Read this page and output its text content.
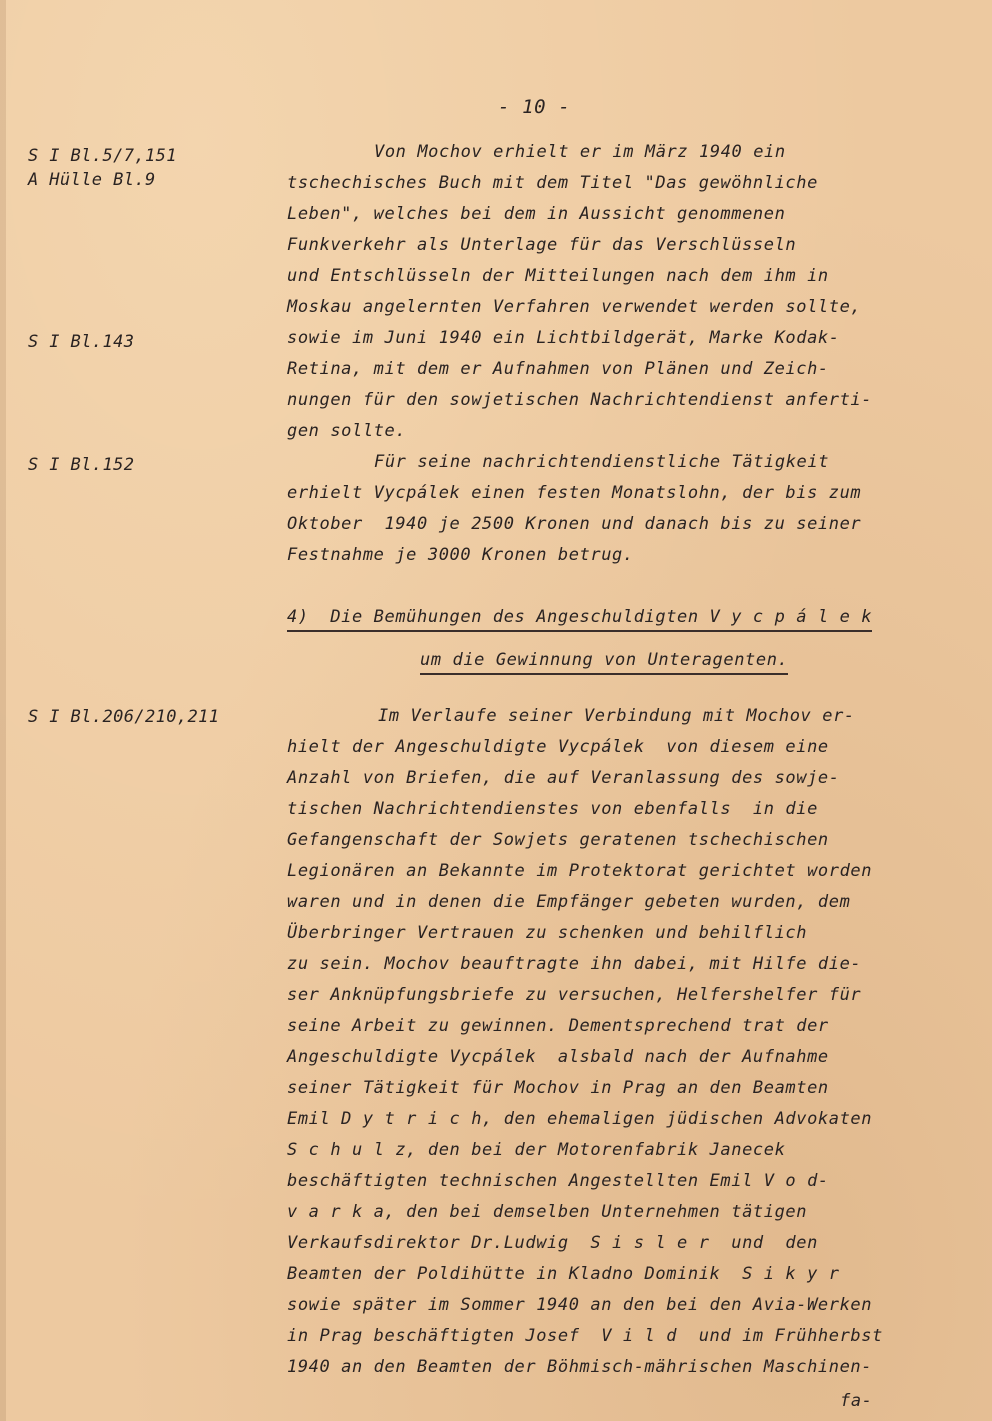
- 10 -
S I Bl.5/7,151
A Hülle Bl.9
S I Bl.143
S I Bl.152
S I Bl.206/210,211
Von Mochov erhielt er im März 1940 ein
tschechisches Buch mit dem Titel "Das gewöhnliche
Leben", welches bei dem in Aussicht genommenen
Funkverkehr als Unterlage für das Verschlüsseln
und Entschlüsseln der Mitteilungen nach dem ihm in
Moskau angelernten Verfahren verwendet werden sollte,
sowie im Juni 1940 ein Lichtbildgerät, Marke Kodak-
Retina, mit dem er Aufnahmen von Plänen und Zeich-
nungen für den sowjetischen Nachrichtendienst anferti-
gen sollte.
Für seine nachrichtendienstliche Tätigkeit
erhielt Vycpálek einen festen Monatslohn, der bis zum
Oktober  1940 je 2500 Kronen und danach bis zu seiner
Festnahme je 3000 Kronen betrug.
4)  Die Bemühungen des Angeschuldigten V y c p á l e k
um die Gewinnung von Unteragenten.
Im Verlaufe seiner Verbindung mit Mochov er-
hielt der Angeschuldigte Vycpálek  von diesem eine
Anzahl von Briefen, die auf Veranlassung des sowje-
tischen Nachrichtendienstes von ebenfalls  in die
Gefangenschaft der Sowjets geratenen tschechischen
Legionären an Bekannte im Protektorat gerichtet worden
waren und in denen die Empfänger gebeten wurden, dem
Überbringer Vertrauen zu schenken und behilflich
zu sein. Mochov beauftragte ihn dabei, mit Hilfe die-
ser Anknüpfungsbriefe zu versuchen, Helfershelfer für
seine Arbeit zu gewinnen. Dementsprechend trat der
Angeschuldigte Vycpálek  alsbald nach der Aufnahme
seiner Tätigkeit für Mochov in Prag an den Beamten
Emil D y t r i c h, den ehemaligen jüdischen Advokaten
S c h u l z, den bei der Motorenfabrik Janecek
beschäftigten technischen Angestellten Emil V o d-
v a r k a, den bei demselben Unternehmen tätigen
Verkaufsdirektor Dr.Ludwig  S i s l e r  und  den
Beamten der Poldihütte in Kladno Dominik  S i k y r
sowie später im Sommer 1940 an den bei den Avia-Werken
in Prag beschäftigten Josef  V i l d  und im Frühherbst
1940 an den Beamten der Böhmisch-mährischen Maschinen-
fa-
